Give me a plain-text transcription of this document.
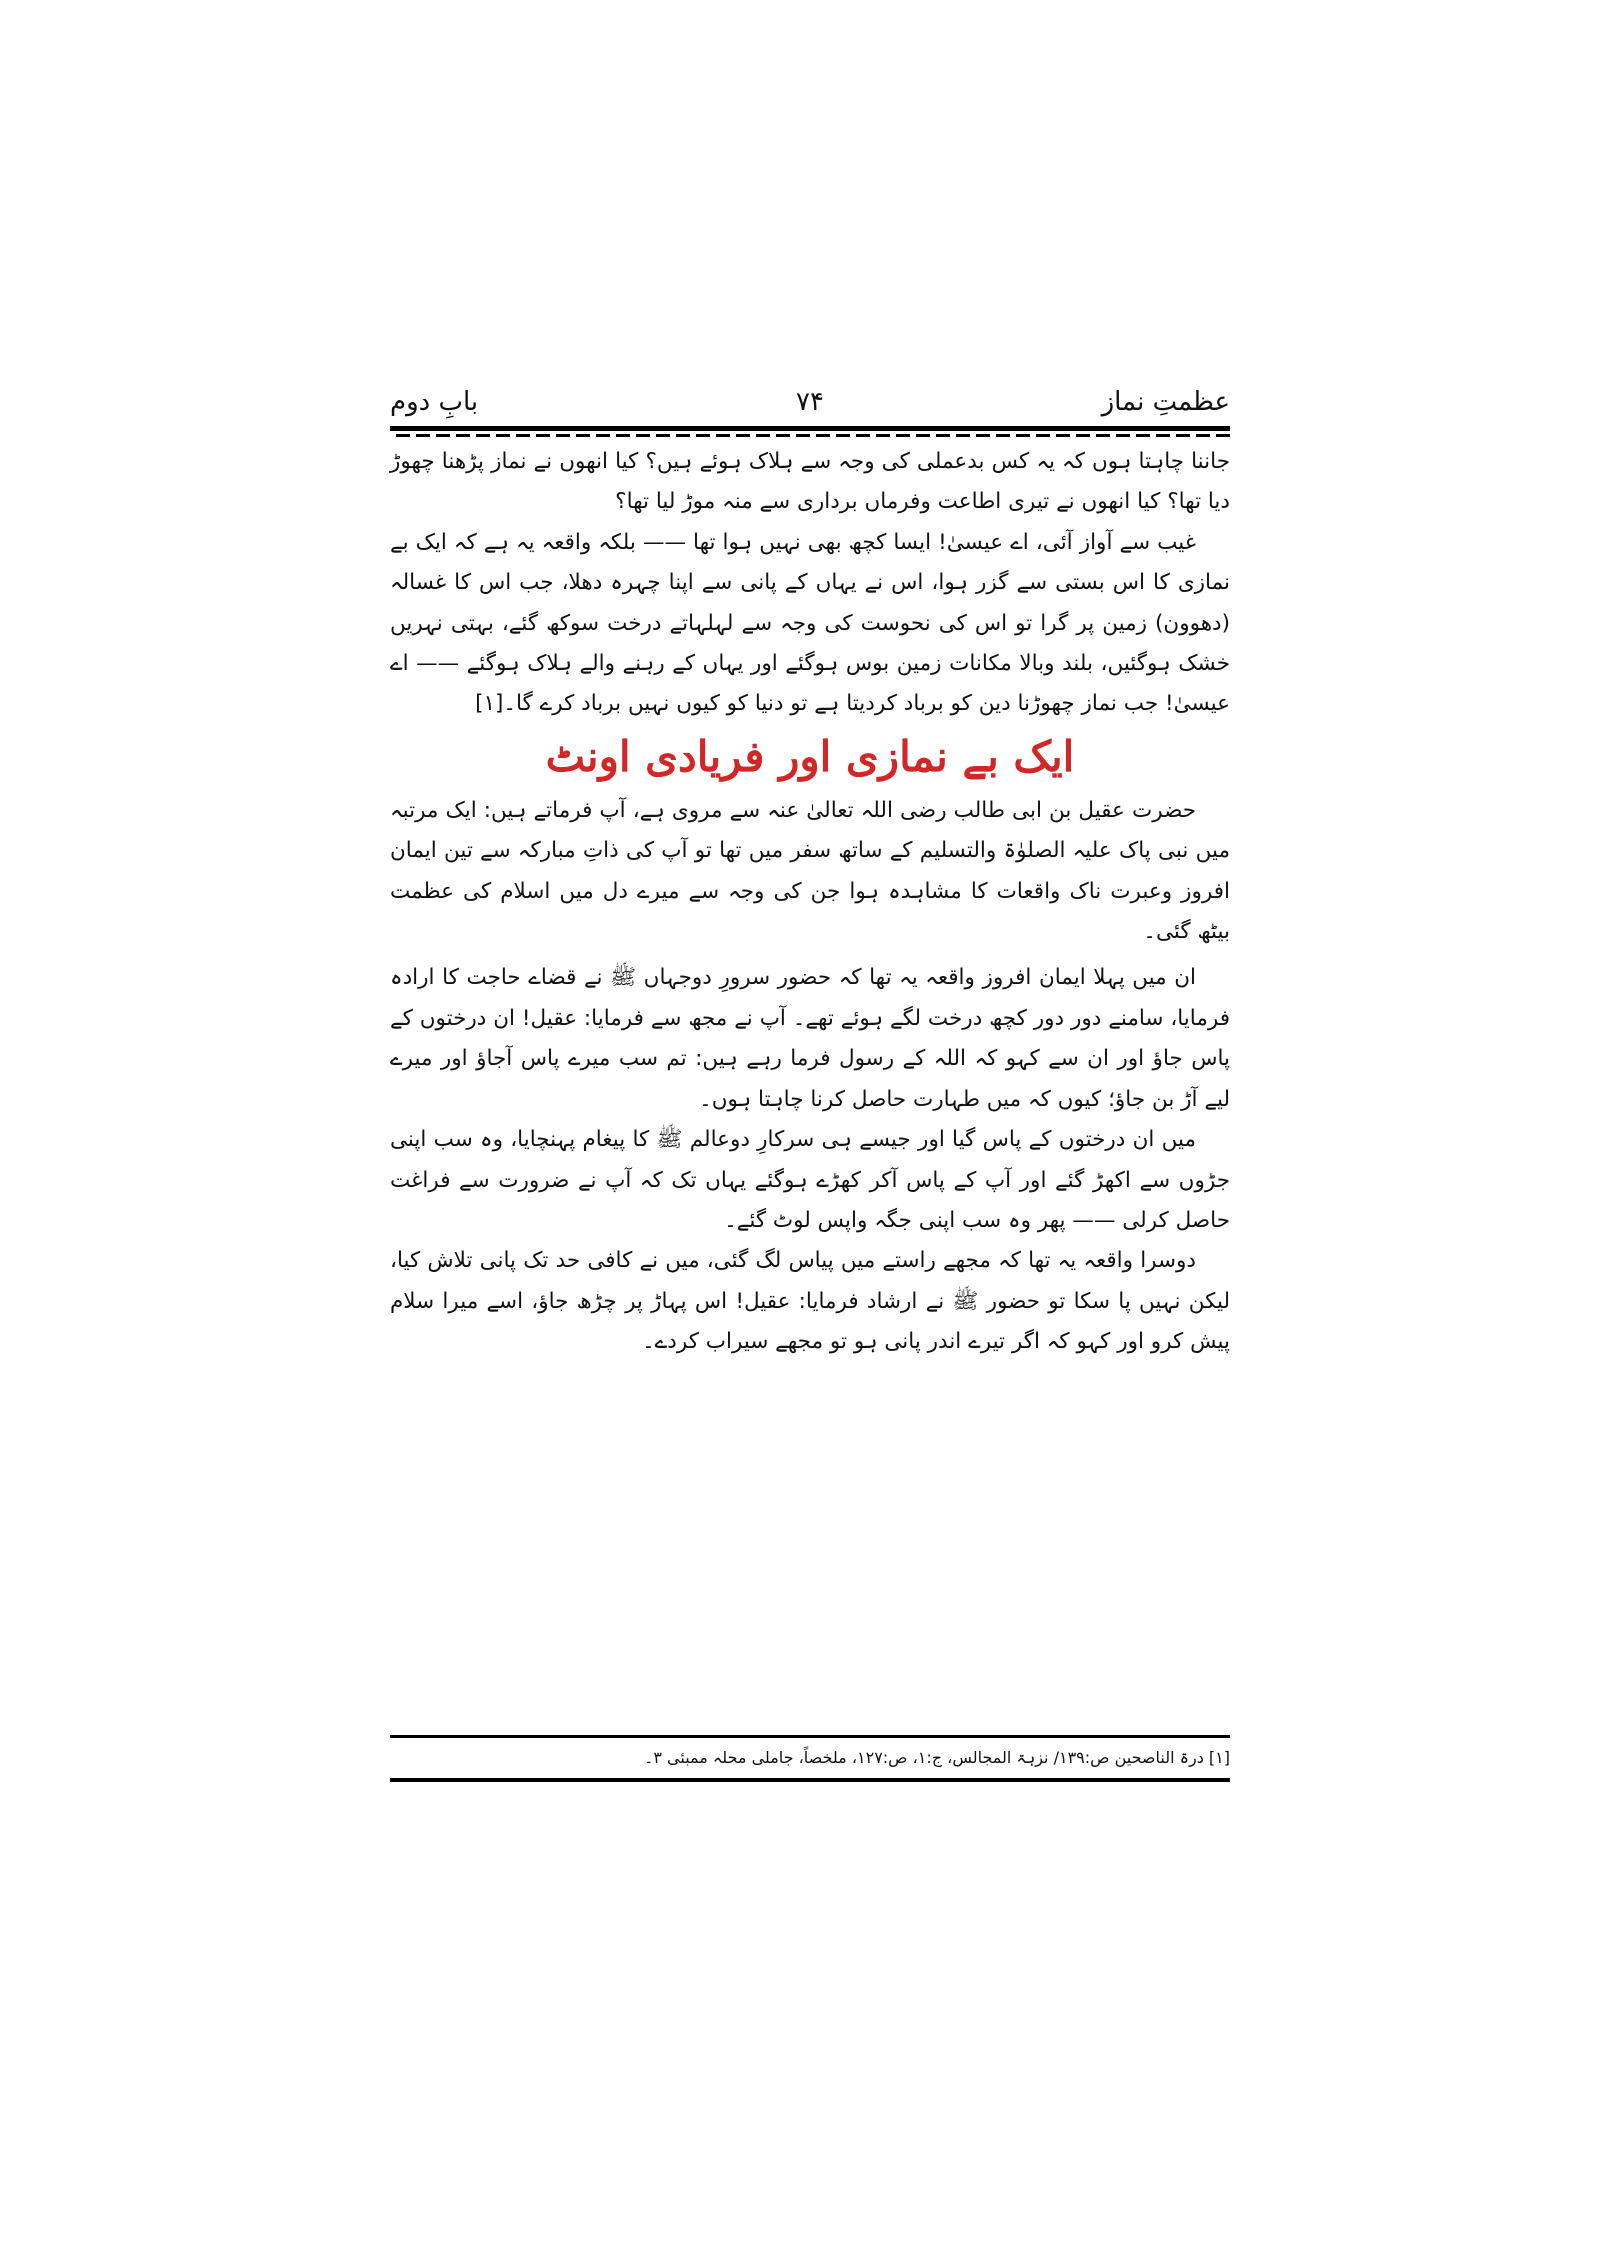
عظمتِ نماز
۷۴
بابِ دوم

جاننا چاہتا ہوں کہ یہ کس بدعملی کی وجہ سے ہلاک ہوئے ہیں؟ کیا انھوں نے نماز پڑھنا چھوڑ دیا تھا؟ کیا انھوں نے تیری اطاعت وفرماں برداری سے منہ موڑ لیا تھا؟

غیب سے آواز آئی، اے عیسیٰ! ایسا کچھ بھی نہیں ہوا تھا —— بلکہ واقعہ یہ ہے کہ ایک بے نمازی کا اس بستی سے گزر ہوا، اس نے یہاں کے پانی سے اپنا چہرہ دھلا، جب اس کا غسالہ (دھوون) زمین پر گرا تو اس کی نحوست کی وجہ سے لہلہاتے درخت سوکھ گئے، بہتی نہریں خشک ہوگئیں، بلند وبالا مکانات زمین بوس ہوگئے اور یہاں کے رہنے والے ہلاک ہوگئے —— اے عیسیٰ! جب نماز چھوڑنا دین کو برباد کردیتا ہے تو دنیا کو کیوں نہیں برباد کرے گا۔[۱]

ایک بے نمازی اور فریادی اونٹ

حضرت عقیل بن ابی طالب رضی اللہ تعالیٰ عنہ سے مروی ہے، آپ فرماتے ہیں: ایک مرتبہ میں نبی پاک علیہ الصلوٰۃ والتسلیم کے ساتھ سفر میں تھا تو آپ کی ذاتِ مبارکہ سے تین ایمان افروز وعبرت ناک واقعات کا مشاہدہ ہوا جن کی وجہ سے میرے دل میں اسلام کی عظمت بیٹھ گئی۔

ان میں پہلا ایمان افروز واقعہ یہ تھا کہ حضور سرورِ دوجہاں ﷺ نے قضاے حاجت کا ارادہ فرمایا، سامنے دور دور کچھ درخت لگے ہوئے تھے۔ آپ نے مجھ سے فرمایا: عقیل! ان درختوں کے پاس جاؤ اور ان سے کہو کہ اللہ کے رسول فرما رہے ہیں: تم سب میرے پاس آجاؤ اور میرے لیے آڑ بن جاؤ؛ کیوں کہ میں طہارت حاصل کرنا چاہتا ہوں۔

میں ان درختوں کے پاس گیا اور جیسے ہی سرکارِ دوعالم ﷺ کا پیغام پہنچایا، وہ سب اپنی جڑوں سے اکھڑ گئے اور آپ کے پاس آکر کھڑے ہوگئے یہاں تک کہ آپ نے ضرورت سے فراغت حاصل کرلی —— پھر وہ سب اپنی جگہ واپس لوٹ گئے۔

دوسرا واقعہ یہ تھا کہ مجھے راستے میں پیاس لگ گئی، میں نے کافی حد تک پانی تلاش کیا، لیکن نہیں پا سکا تو حضور ﷺ نے ارشاد فرمایا: عقیل! اس پہاڑ پر چڑھ جاؤ، اسے میرا سلام پیش کرو اور کہو کہ اگر تیرے اندر پانی ہو تو مجھے سیراب کردے۔

[۱] درۃ الناصحین ص:۱۳۹/ نزہۃ المجالس، ج:۱، ص:۱۲۷، ملخصاً، جاملی محلہ ممبئی ۳۔
